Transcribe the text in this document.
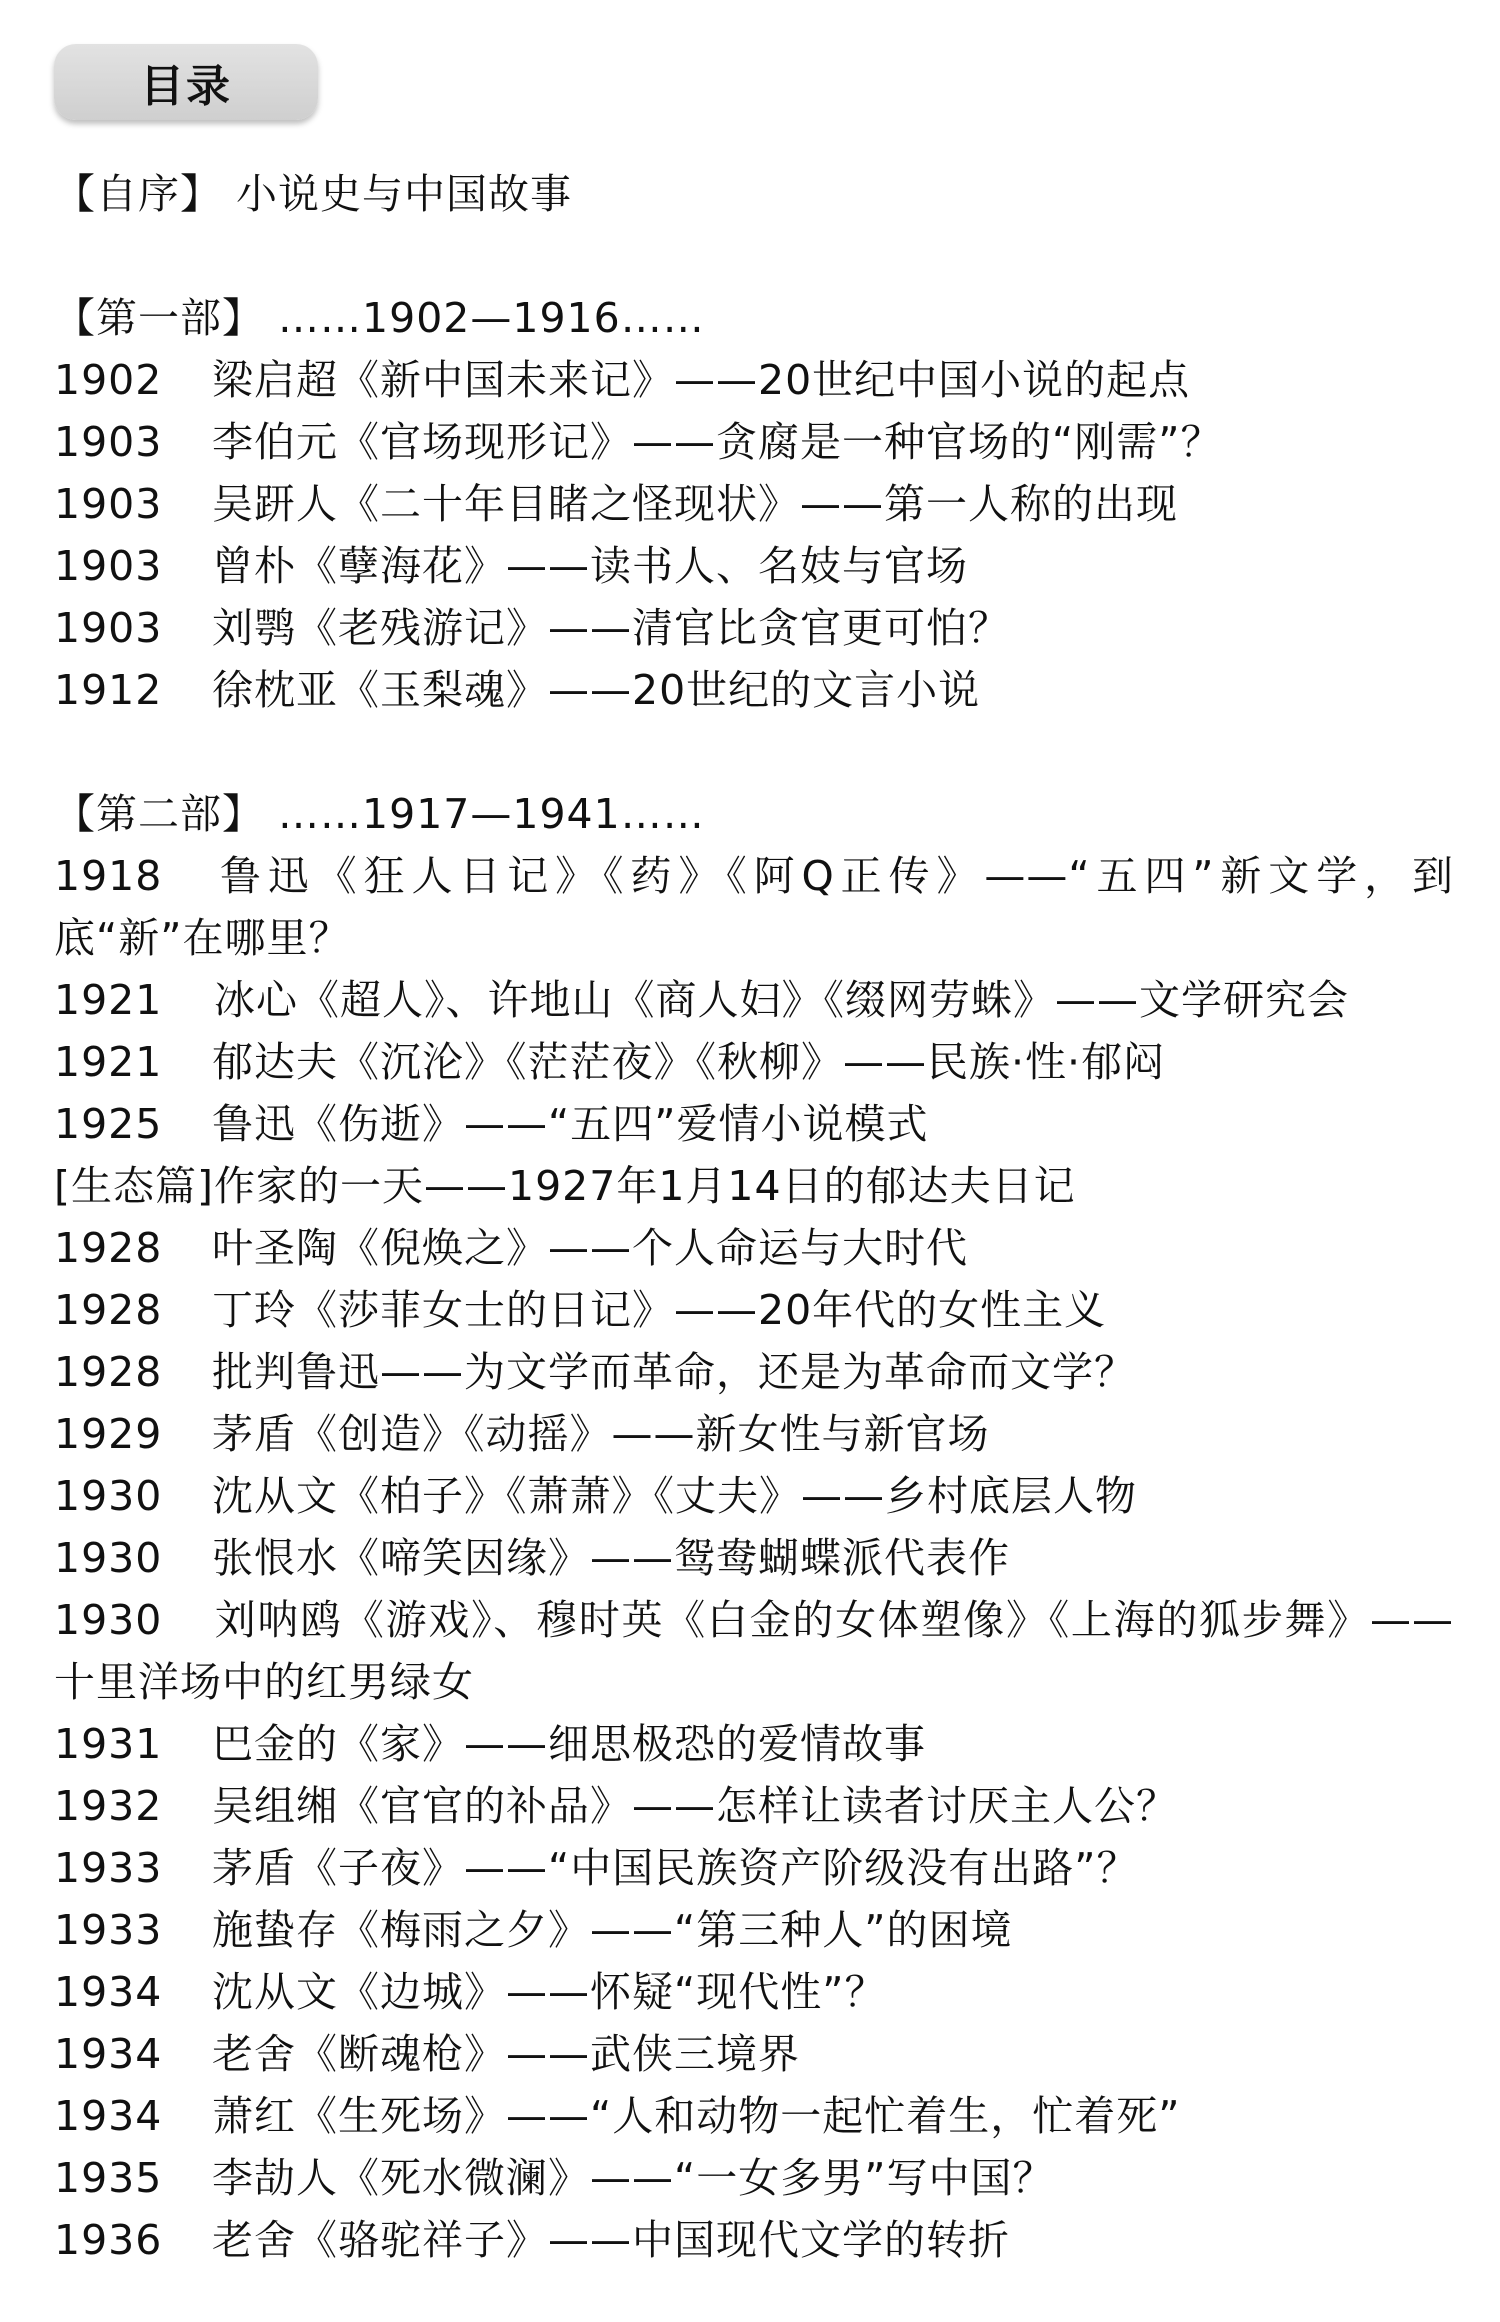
目录
【自序】 小说史与中国故事
【第一部】 ……1902—1916……
1902 梁启超《新中国未来记》——20世纪中国小说的起点
1903 李伯元《官场现形记》——贪腐是一种官场的“刚需”？
1903 吴趼人《二十年目睹之怪现状》——第一人称的出现
1903 曾朴《孽海花》——读书人、名妓与官场
1903 刘鹗《老残游记》——清官比贪官更可怕？
1912 徐枕亚《玉梨魂》——20世纪的文言小说
【第二部】 ……1917—1941……
1918 鲁迅《狂人日记》《药》《阿Q正传》——“五四”新文学，到底“新”在哪里？
1921 冰心《超人》、许地山《商人妇》《缀网劳蛛》——文学研究会
1921 郁达夫《沉沦》《茫茫夜》《秋柳》——民族·性·郁闷
1925 鲁迅《伤逝》——“五四”爱情小说模式
[生态篇]作家的一天——1927年1月14日的郁达夫日记
1928 叶圣陶《倪焕之》——个人命运与大时代
1928 丁玲《莎菲女士的日记》——20年代的女性主义
1928 批判鲁迅——为文学而革命，还是为革命而文学？
1929 茅盾《创造》《动摇》——新女性与新官场
1930 沈从文《柏子》《萧萧》《丈夫》——乡村底层人物
1930 张恨水《啼笑因缘》——鸳鸯蝴蝶派代表作
1930 刘呐鸥《游戏》、穆时英《白金的女体塑像》《上海的狐步舞》——十里洋场中的红男绿女
1931 巴金的《家》——细思极恐的爱情故事
1932 吴组缃《官官的补品》——怎样让读者讨厌主人公？
1933 茅盾《子夜》——“中国民族资产阶级没有出路”？
1933 施蛰存《梅雨之夕》——“第三种人”的困境
1934 沈从文《边城》——怀疑“现代性”？
1934 老舍《断魂枪》——武侠三境界
1934 萧红《生死场》——“人和动物一起忙着生，忙着死”
1935 李劼人《死水微澜》——“一女多男”写中国？
1936 老舍《骆驼祥子》——中国现代文学的转折
